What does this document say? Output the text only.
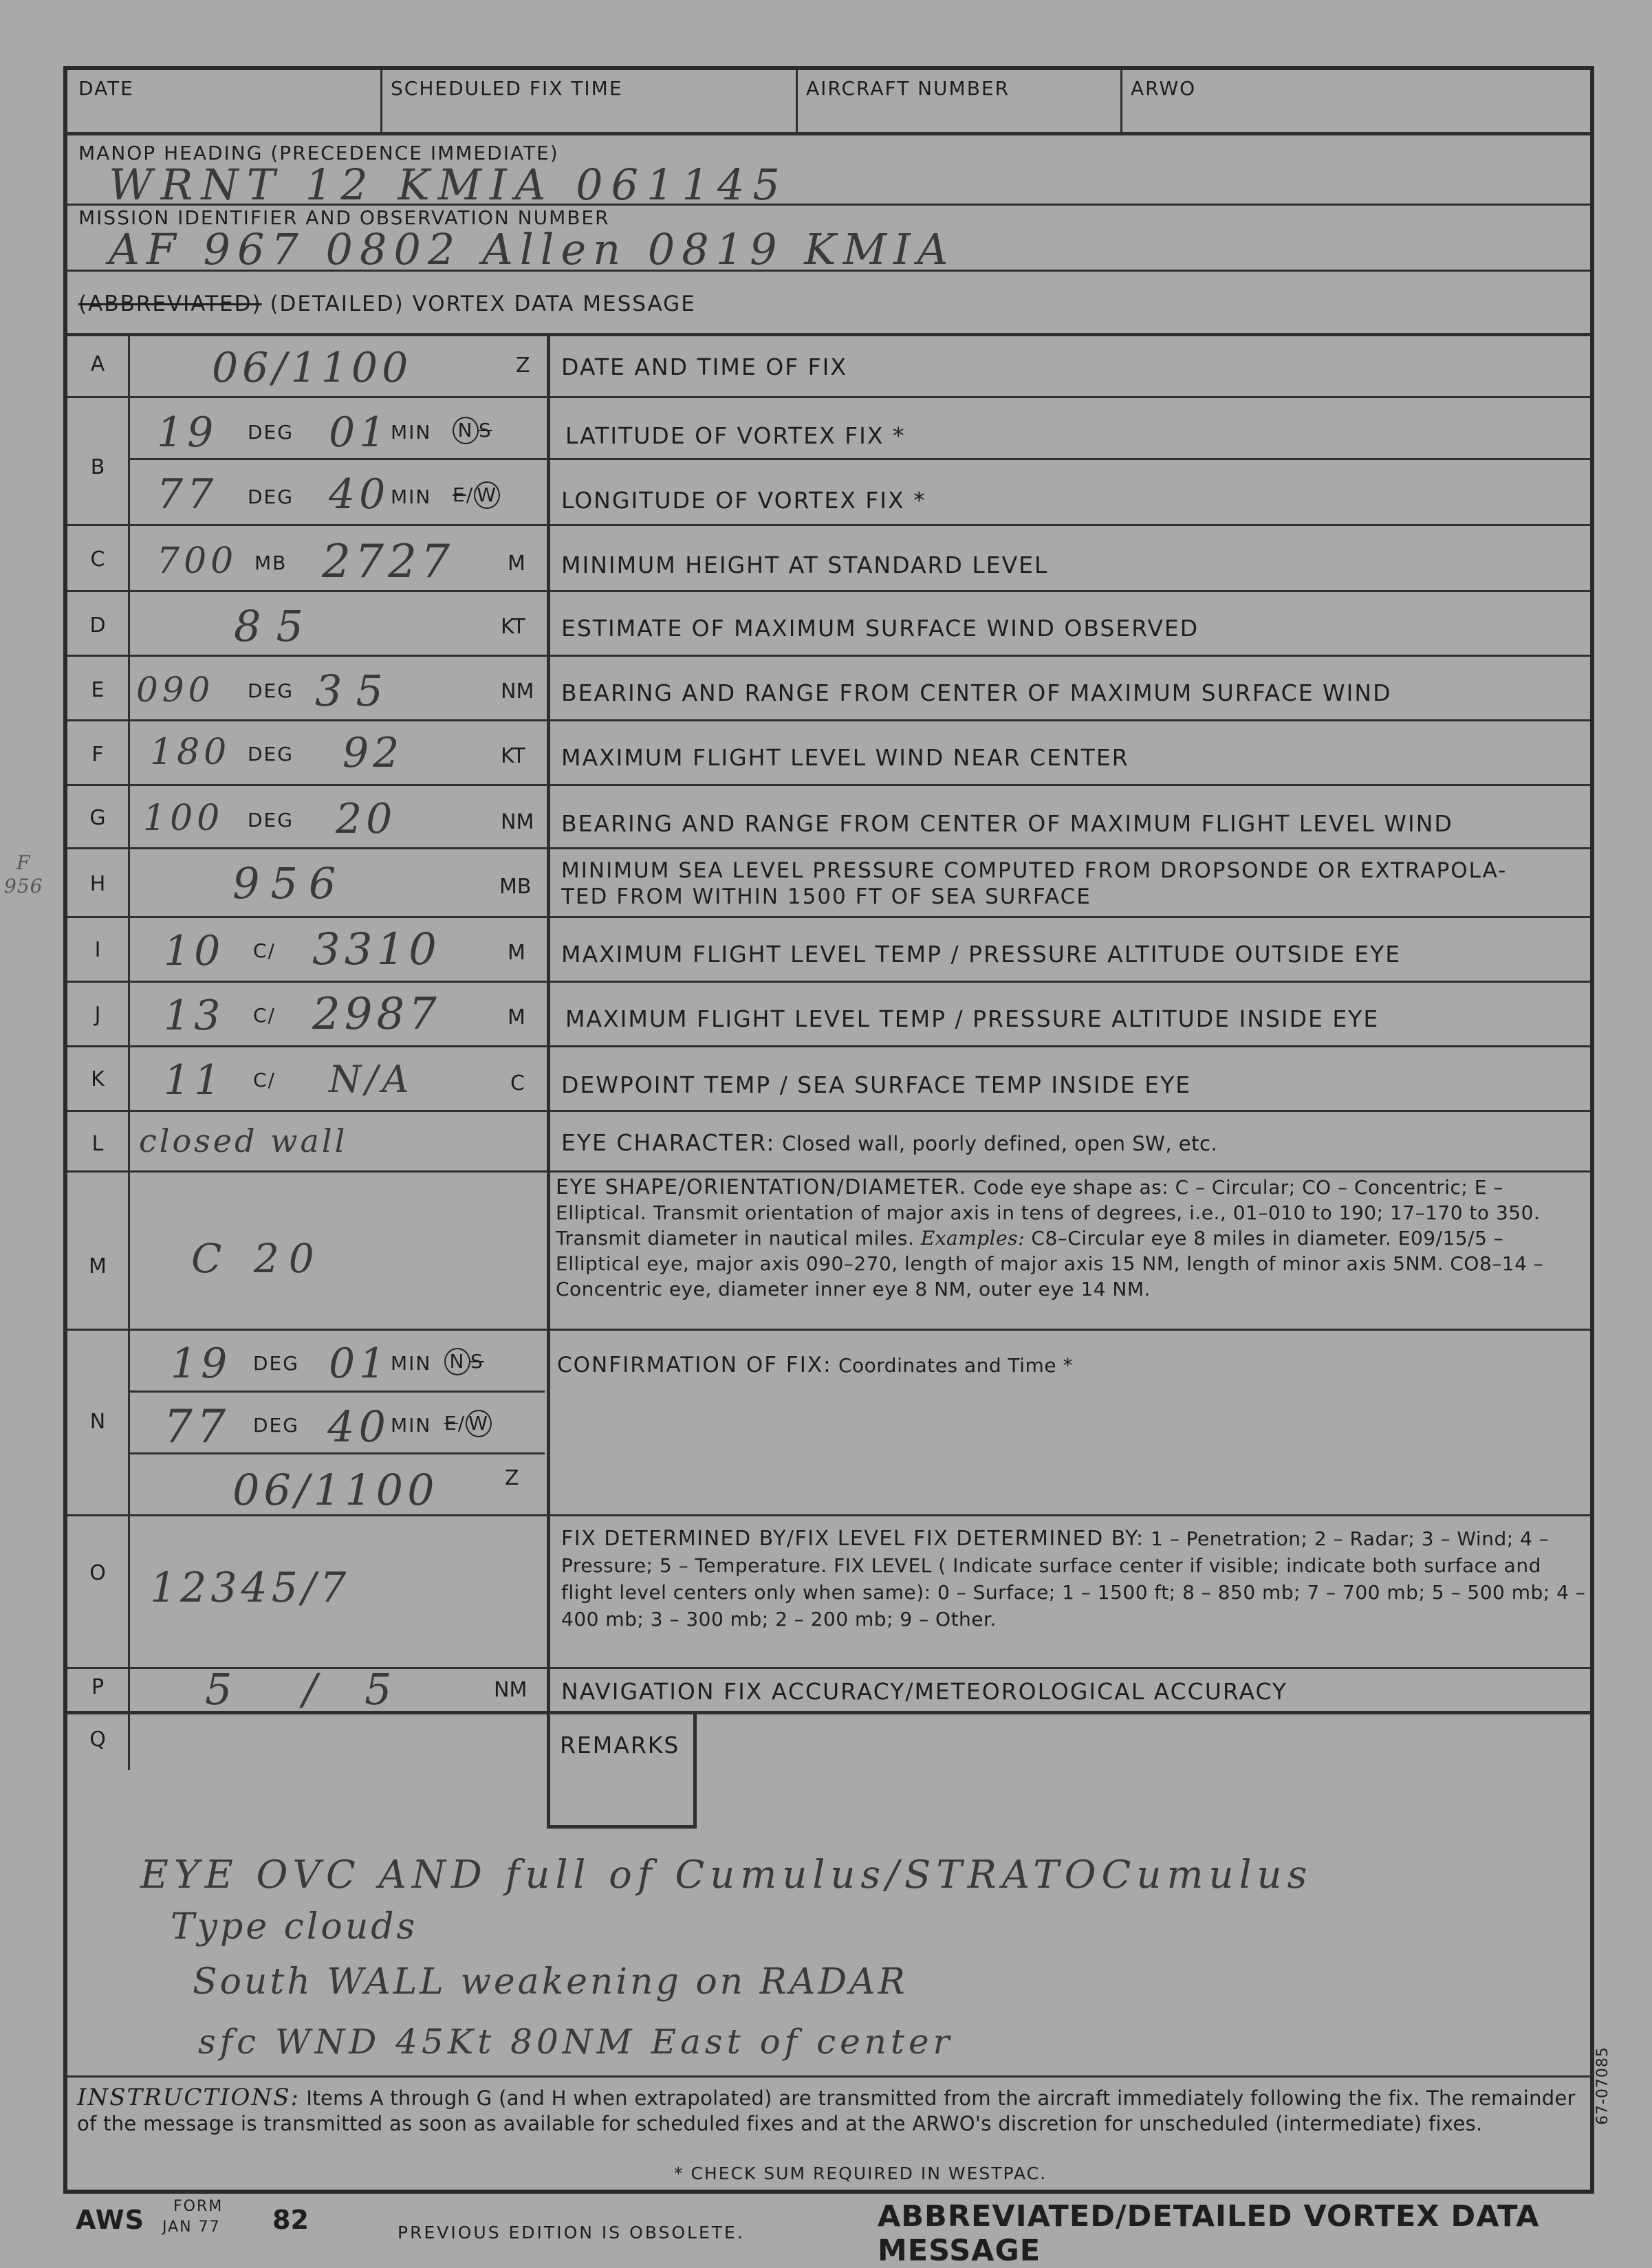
F
956
DATE	SCHEDULED FIX TIME	AIRCRAFT NUMBER	ARWO
MANOP HEADING (PRECEDENCE IMMEDIATE)
WRNT 12 KMIA 061145
MISSION IDENTIFIER AND OBSERVATION NUMBER
AF 967 0802 Allen 0819 KMIA
(ABBREVIATED) (DETAILED) VORTEX DATA MESSAGE
A	06/1100	Z DATE AND TIME OF FIX
B
19 DEG 01 MIN N S	LATITUDE OF VORTEX FIX *
77 DEG 40 MIN E/ W	LONGITUDE OF VORTEX FIX *
C	700 MB 2727	M MINIMUM HEIGHT AT STANDARD LEVEL
D	85	KT ESTIMATE OF MAXIMUM SURFACE WIND OBSERVED
E 090 DEG 35	NM BEARING AND RANGE FROM CENTER OF MAXIMUM SURFACE WIND
F	180 DEG 92	KT MAXIMUM FLIGHT LEVEL WIND NEAR CENTER
G	100 DEG 20	NM BEARING AND RANGE FROM CENTER OF MAXIMUM FLIGHT LEVEL WIND
H	956	MB
MINIMUM SEA LEVEL PRESSURE COMPUTED FROM DROPSONDE OR EXTRAPOLA-
TED FROM WITHIN 1500 FT OF SEA SURFACE
I	10 C/ 3310	M MAXIMUM FLIGHT LEVEL TEMP / PRESSURE ALTITUDE OUTSIDE EYE
J	13 C/ 2987	M MAXIMUM FLIGHT LEVEL TEMP / PRESSURE ALTITUDE INSIDE EYE
K	11 C/ N/A	C DEWPOINT TEMP / SEA SURFACE TEMP INSIDE EYE
L	closed wall	EYE CHARACTER: Closed wall, poorly defined, open SW, etc.
M	C 20
EYE SHAPE/ORIENTATION/DIAMETER. Code eye shape as: C – Circular; CO – Concentric; E – Elliptical. Transmit orientation of major axis in tens of degrees, i.e., 01–010 to 190; 17–170 to 350. Transmit diameter in nautical miles. Examples: C8–Circular eye 8 miles in diameter. E09/15/5 – Elliptical eye, major axis 090–270, length of major axis 15 NM, length of minor axis 5NM. CO8–14 – Concentric eye, diameter inner eye 8 NM, outer eye 14 NM.
N
19 DEG 01 MIN N S	CONFIRMATION OF FIX: Coordinates and Time *
77 DEG 40 MIN E/ W
06/1100	Z
O	12345/7
FIX DETERMINED BY/FIX LEVEL FIX DETERMINED BY: 1 – Penetration; 2 – Radar; 3 – Wind; 4 – Pressure; 5 – Temperature. FIX LEVEL ( Indicate surface center if visible; indicate both surface and flight level centers only when same): 0 – Surface; 1 – 1500 ft; 8 – 850 mb; 7 – 700 mb; 5 – 500 mb; 4 – 400 mb; 3 – 300 mb; 2 – 200 mb; 9 – Other.
P	5 / 5	NM NAVIGATION FIX ACCURACY/METEOROLOGICAL ACCURACY
Q	REMARKS
EYE OVC AND full of Cumulus/STRATOCumulus
Type clouds
South WALL weakening on RADAR
sfc WND 45Kt 80NM East of center
INSTRUCTIONS: Items A through G (and H when extrapolated) are transmitted from the aircraft immediately following the fix. The remainder of the message is transmitted as soon as available for scheduled fixes and at the ARWO's discretion for unscheduled (intermediate) fixes.
* CHECK SUM REQUIRED IN WESTPAC.
AWS FORM
JAN 77 82	PREVIOUS EDITION IS OBSOLETE.	ABBREVIATED/DETAILED VORTEX DATA MESSAGE
67-07085
